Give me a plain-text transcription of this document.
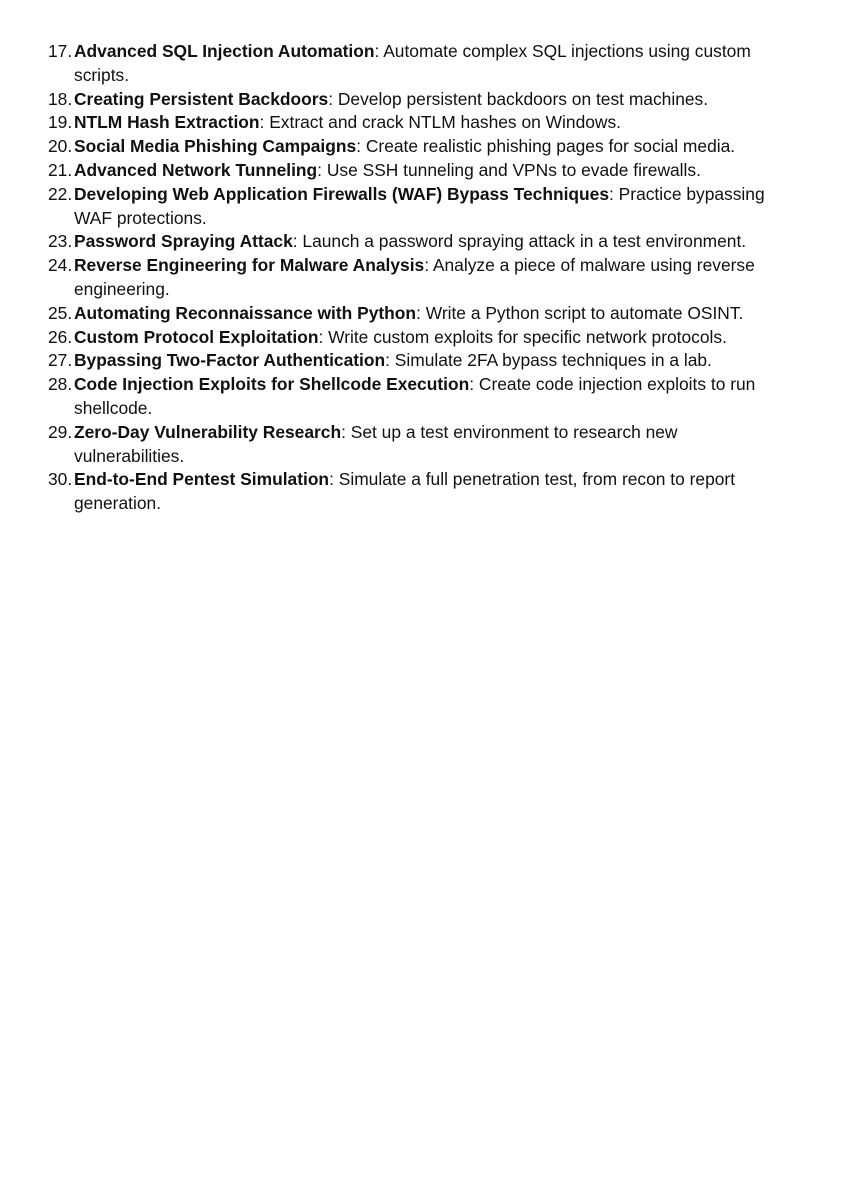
17. Advanced SQL Injection Automation: Automate complex SQL injections using custom scripts.
18. Creating Persistent Backdoors: Develop persistent backdoors on test machines.
19. NTLM Hash Extraction: Extract and crack NTLM hashes on Windows.
20. Social Media Phishing Campaigns: Create realistic phishing pages for social media.
21. Advanced Network Tunneling: Use SSH tunneling and VPNs to evade firewalls.
22. Developing Web Application Firewalls (WAF) Bypass Techniques: Practice bypassing WAF protections.
23. Password Spraying Attack: Launch a password spraying attack in a test environment.
24. Reverse Engineering for Malware Analysis: Analyze a piece of malware using reverse engineering.
25. Automating Reconnaissance with Python: Write a Python script to automate OSINT.
26. Custom Protocol Exploitation: Write custom exploits for specific network protocols.
27. Bypassing Two-Factor Authentication: Simulate 2FA bypass techniques in a lab.
28. Code Injection Exploits for Shellcode Execution: Create code injection exploits to run shellcode.
29. Zero-Day Vulnerability Research: Set up a test environment to research new vulnerabilities.
30. End-to-End Pentest Simulation: Simulate a full penetration test, from recon to report generation.
